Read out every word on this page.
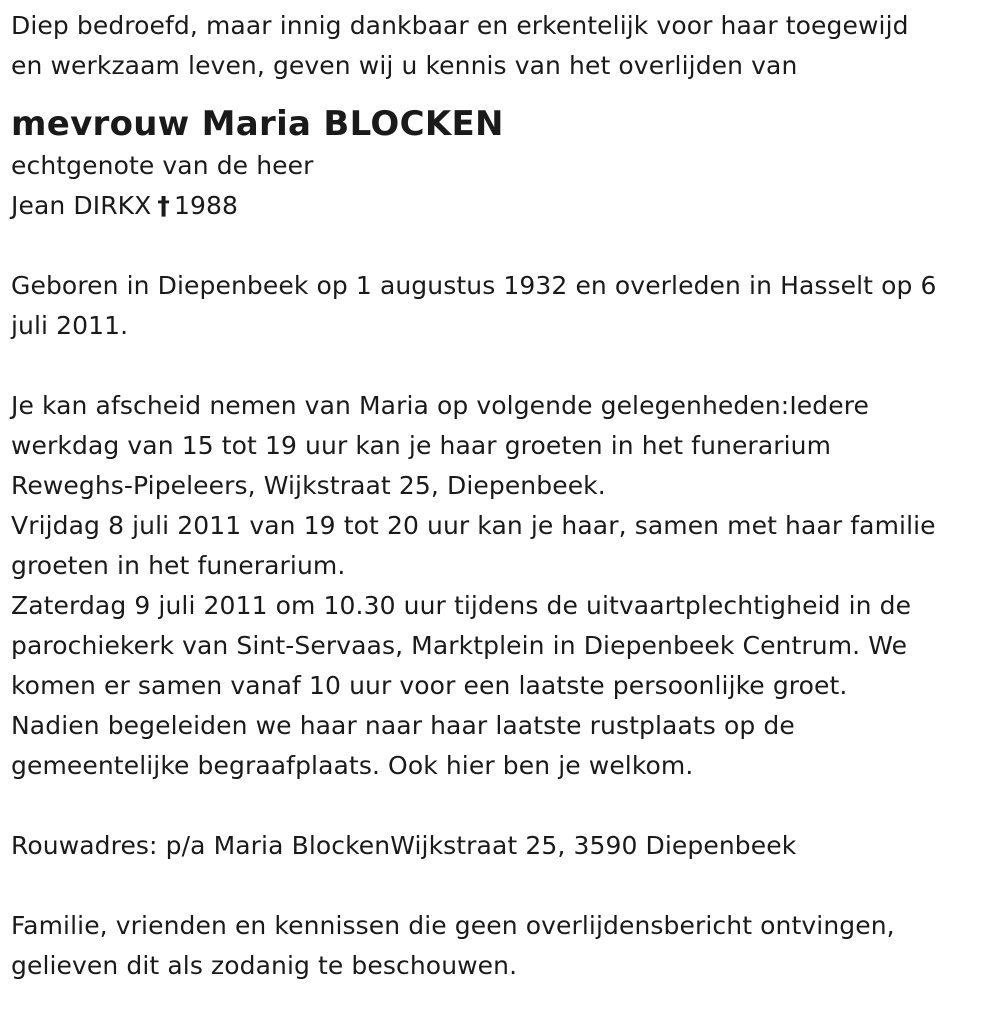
Diep bedroefd, maar innig dankbaar en erkentelijk voor haar toegewijd
en werkzaam leven, geven wij u kennis van het overlijden van
mevrouw Maria BLOCKEN
echtgenote van de heer
Jean DIRKX † 1988
Geboren in Diepenbeek op 1 augustus 1932 en overleden in Hasselt op 6
juli 2011.
Je kan afscheid nemen van Maria op volgende gelegenheden:Iedere
werkdag van 15 tot 19 uur kan je haar groeten in het funerarium
Reweghs-Pipeleers, Wijkstraat 25, Diepenbeek.
Vrijdag 8 juli 2011 van 19 tot 20 uur kan je haar, samen met haar familie
groeten in het funerarium.
Zaterdag 9 juli 2011 om 10.30 uur tijdens de uitvaartplechtigheid in de
parochiekerk van Sint-Servaas, Marktplein in Diepenbeek Centrum. We
komen er samen vanaf 10 uur voor een laatste persoonlijke groet.
Nadien begeleiden we haar naar haar laatste rustplaats op de
gemeentelijke begraafplaats. Ook hier ben je welkom.
Rouwadres: p/a Maria BlockenWijkstraat 25, 3590 Diepenbeek
Familie, vrienden en kennissen die geen overlijdensbericht ontvingen,
gelieven dit als zodanig te beschouwen.
